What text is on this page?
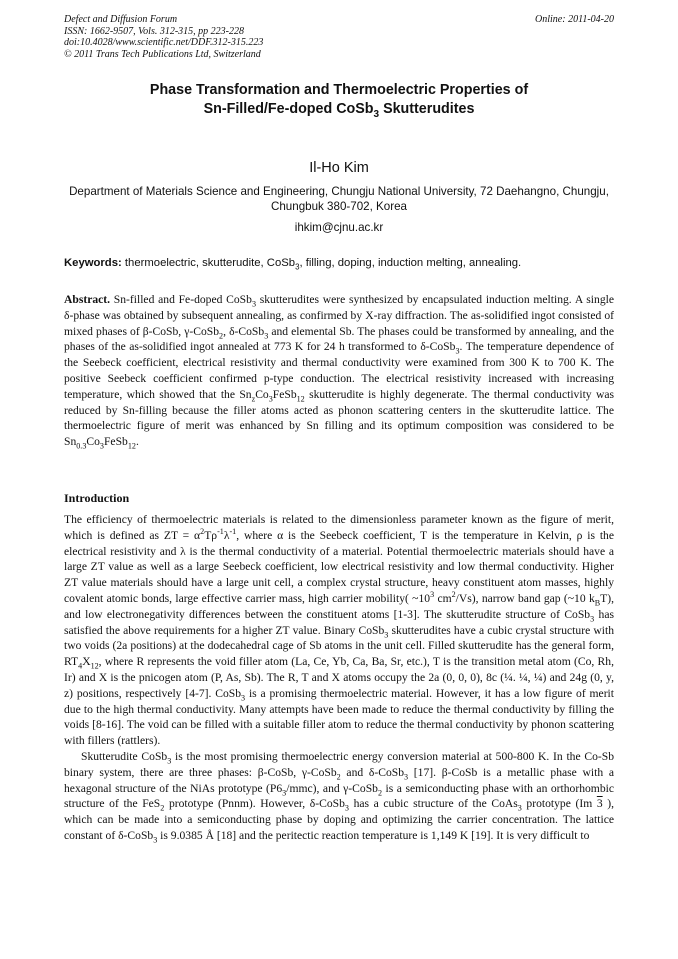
Defect and Diffusion Forum
ISSN: 1662-9507, Vols. 312-315, pp 223-228
doi:10.4028/www.scientific.net/DDF.312-315.223
© 2011 Trans Tech Publications Ltd, Switzerland
Online: 2011-04-20
Phase Transformation and Thermoelectric Properties of
Sn-Filled/Fe-doped CoSb$_3$ Skutterudites
Il-Ho Kim
Department of Materials Science and Engineering, Chungju National University, 72 Daehangno, Chungju, Chungbuk 380-702, Korea
ihkim@cjnu.ac.kr
Keywords: thermoelectric, skutterudite, CoSb$_3$, filling, doping, induction melting, annealing.
Abstract. Sn-filled and Fe-doped CoSb$_3$ skutterudites were synthesized by encapsulated induction melting. A single δ-phase was obtained by subsequent annealing, as confirmed by X-ray diffraction. The as-solidified ingot consisted of mixed phases of β-CoSb, γ-CoSb$_2$, δ-CoSb$_3$ and elemental Sb. The phases could be transformed by annealing, and the phases of the as-solidified ingot annealed at 773 K for 24 h transformed to δ-CoSb$_3$. The temperature dependence of the Seebeck coefficient, electrical resistivity and thermal conductivity were examined from 300 K to 700 K. The positive Seebeck coefficient confirmed p-type conduction. The electrical resistivity increased with increasing temperature, which showed that the $Sn_zCo_3FeSb_{12}$ skutterudite is highly degenerate. The thermal conductivity was reduced by Sn-filling because the filler atoms acted as phonon scattering centers in the skutterudite lattice. The thermoelectric figure of merit was enhanced by Sn filling and its optimum composition was considered to be $Sn_{0.3}Co_3FeSb_{12}$.
Introduction

The efficiency of thermoelectric materials is related to the dimensionless parameter known as the figure of merit, which is defined as ZT = $\alpha^2T\rho^{-1}\lambda^{-1}$, where α is the Seebeck coefficient, T is the temperature in Kelvin, ρ is the electrical resistivity and λ is the thermal conductivity of a material. Potential thermoelectric materials should have a large ZT value as well as a large Seebeck coefficient, low electrical resistivity and low thermal conductivity. Higher ZT value materials should have a large unit cell, a complex crystal structure, heavy constituent atom masses, highly covalent atomic bonds, large effective carrier mass, high carrier mobility( $\sim 10^3$ $cm^2/Vs$), narrow band gap (~10 $k_BT$), and low electronegativity differences between the constituent atoms [1-3]. The skutterudite structure of CoSb$_3$ has satisfied the above requirements for a higher ZT value. Binary CoSb$_3$ skutterudites have a cubic crystal structure with two voids (2a positions) at the dodecahedral cage of Sb atoms in the unit cell. Filled skutterudite has the general form, $RT_4X_{12}$, where R represents the void filler atom (La, Ce, Yb, Ca, Ba, Sr, etc.), T is the transition metal atom (Co, Rh, Ir) and X is the pnicogen atom (P, As, Sb). The R, T and X atoms occupy the 2a (0, 0, 0), 8c (¼. ¼, ¼) and 24g (0, y, z) positions, respectively [4-7]. CoSb$_3$ is a promising thermoelectric material. However, it has a low figure of merit due to the high thermal conductivity. Many attempts have been made to reduce the thermal conductivity by filling the voids [8-16]. The void can be filled with a suitable filler atom to reduce the thermal conductivity by phonon scattering with fillers (rattlers).

Skutterudite CoSb$_3$ is the most promising thermoelectric energy conversion material at 500-800 K. In the Co-Sb binary system, there are three phases: β-CoSb, γ-CoSb$_2$ and δ-CoSb$_3$ [17]. β-CoSb is a metallic phase with a hexagonal structure of the NiAs prototype $(P6_3/mmc)$, and γ-CoSb$_2$ is a semiconducting phase with an orthorhombic structure of the FeS$_2$ prototype (Pnnm). However, δ-CoSb$_3$ has a cubic structure of the CoAs$_3$ prototype (Im 3 ), which can be made into a semiconducting phase by doping and optimizing the carrier concentration. The lattice constant of δ-CoSb$_3$ is 9.0385 Å [18] and the peritectic reaction temperature is 1,149 K [19]. It is very difficult to
